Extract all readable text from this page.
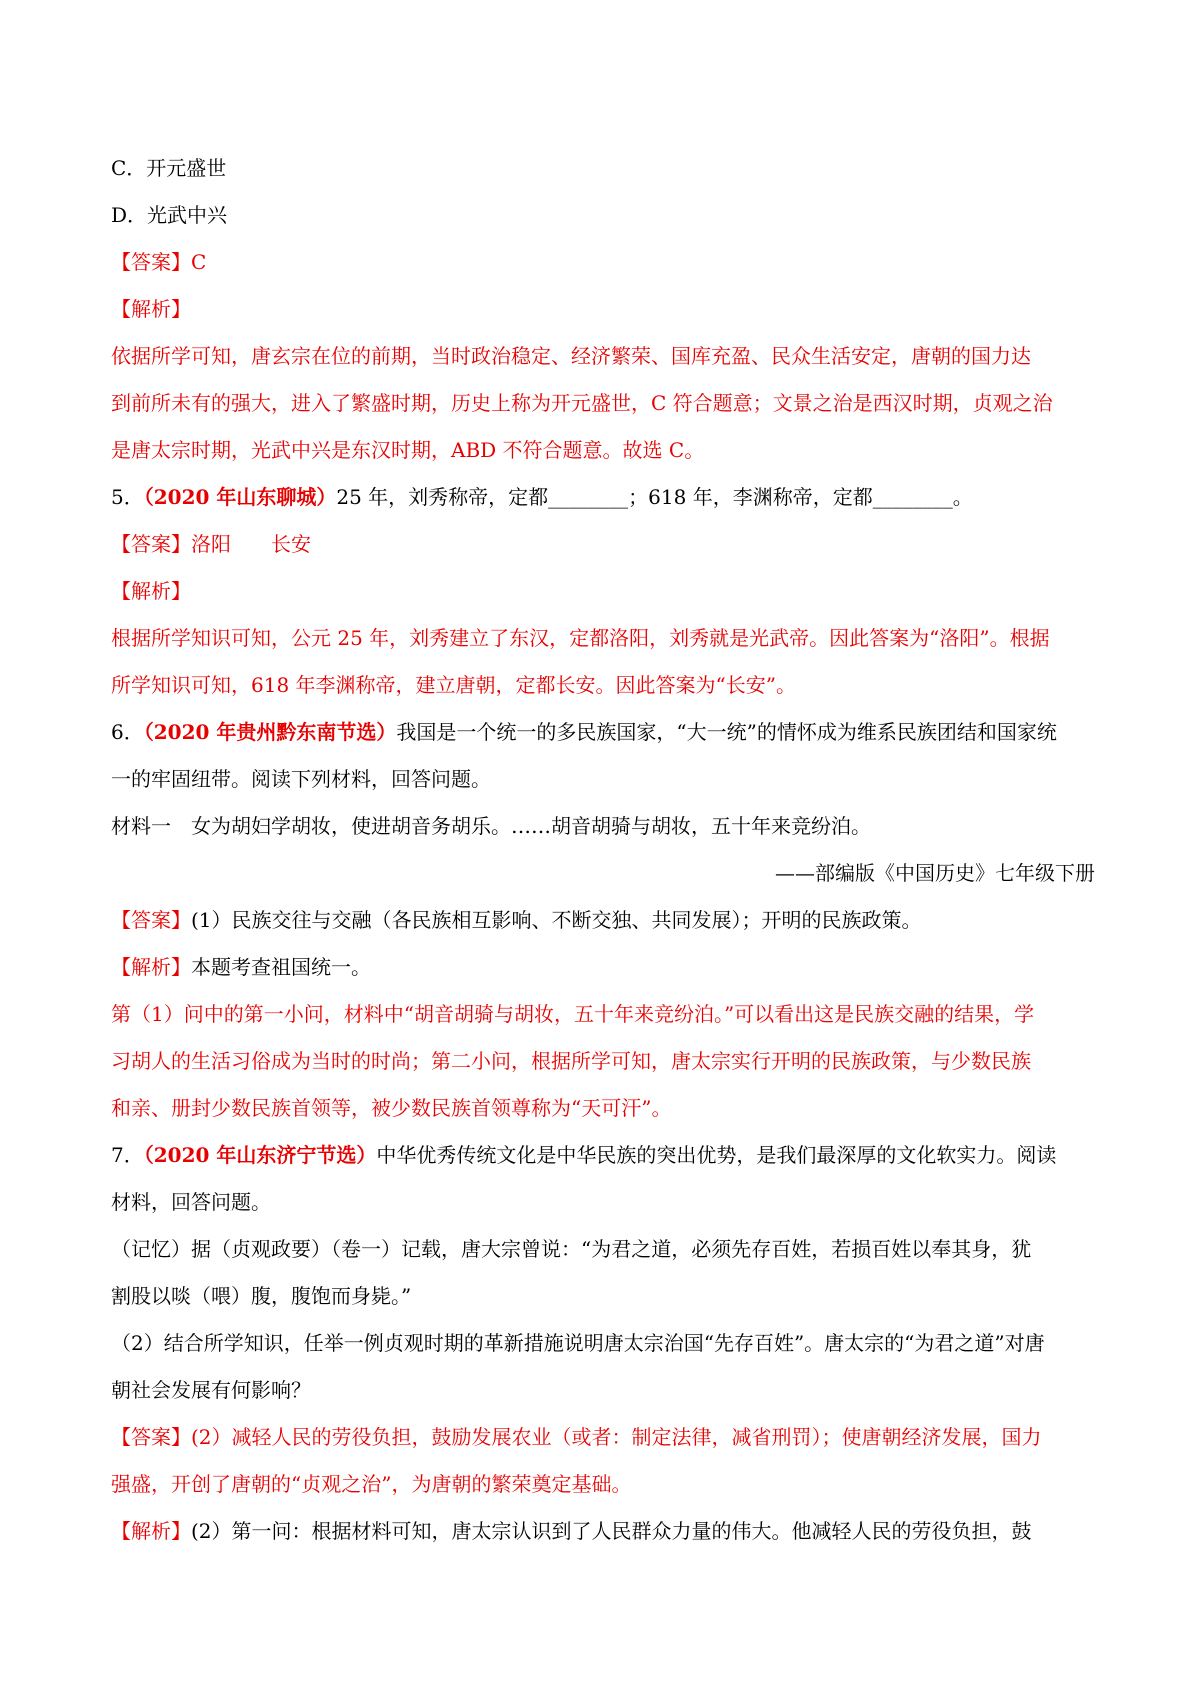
C．开元盛世
D．光武中兴
【答案】C
【解析】
依据所学可知，唐玄宗在位的前期，当时政治稳定、经济繁荣、国库充盈、民众生活安定，唐朝的国力达
到前所未有的强大，进入了繁盛时期，历史上称为开元盛世，C 符合题意；文景之治是西汉时期，贞观之治
是唐太宗时期，光武中兴是东汉时期，ABD 不符合题意。故选 C。
5．（2020 年山东聊城）25 年，刘秀称帝，定都________；618 年，李渊称帝，定都________。
【答案】洛阳　　长安
【解析】
根据所学知识可知，公元 25 年，刘秀建立了东汉，定都洛阳，刘秀就是光武帝。因此答案为“洛阳”。根据
所学知识可知，618 年李渊称帝，建立唐朝，定都长安。因此答案为“长安”。
6．（2020 年贵州黔东南节选）我国是一个统一的多民族国家，“大一统”的情怀成为维系民族团结和国家统
一的牢固纽带。阅读下列材料，回答问题。
材料一　女为胡妇学胡妆，使进胡音务胡乐。……胡音胡骑与胡妆，五十年来竞纷泊。
——部编版《中国历史》七年级下册
【答案】(1）民族交往与交融（各民族相互影响、不断交独、共同发展）；开明的民族政策。
【解析】本题考查祖国统一。
第（1）问中的第一小问，材料中“胡音胡骑与胡妆，五十年来竞纷泊。”可以看出这是民族交融的结果，学
习胡人的生活习俗成为当时的时尚；第二小问，根据所学可知，唐太宗实行开明的民族政策，与少数民族
和亲、册封少数民族首领等，被少数民族首领尊称为“天可汗”。
7．（2020 年山东济宁节选）中华优秀传统文化是中华民族的突出优势，是我们最深厚的文化软实力。阅读
材料，回答问题。
（记忆）据（贞观政要）（卷一）记载，唐大宗曾说：“为君之道，必须先存百姓，若损百姓以奉其身，犹
割股以啖（喂）腹，腹饱而身毙。”
（2）结合所学知识，任举一例贞观时期的革新措施说明唐太宗治国“先存百姓”。唐太宗的“为君之道”对唐
朝社会发展有何影响？
【答案】(2）减轻人民的劳役负担，鼓励发展农业（或者：制定法律，减省刑罚）；使唐朝经济发展，国力
强盛，开创了唐朝的“贞观之治”，为唐朝的繁荣奠定基础。
【解析】(2）第一问：根据材料可知，唐太宗认识到了人民群众力量的伟大。他减轻人民的劳役负担，鼓
